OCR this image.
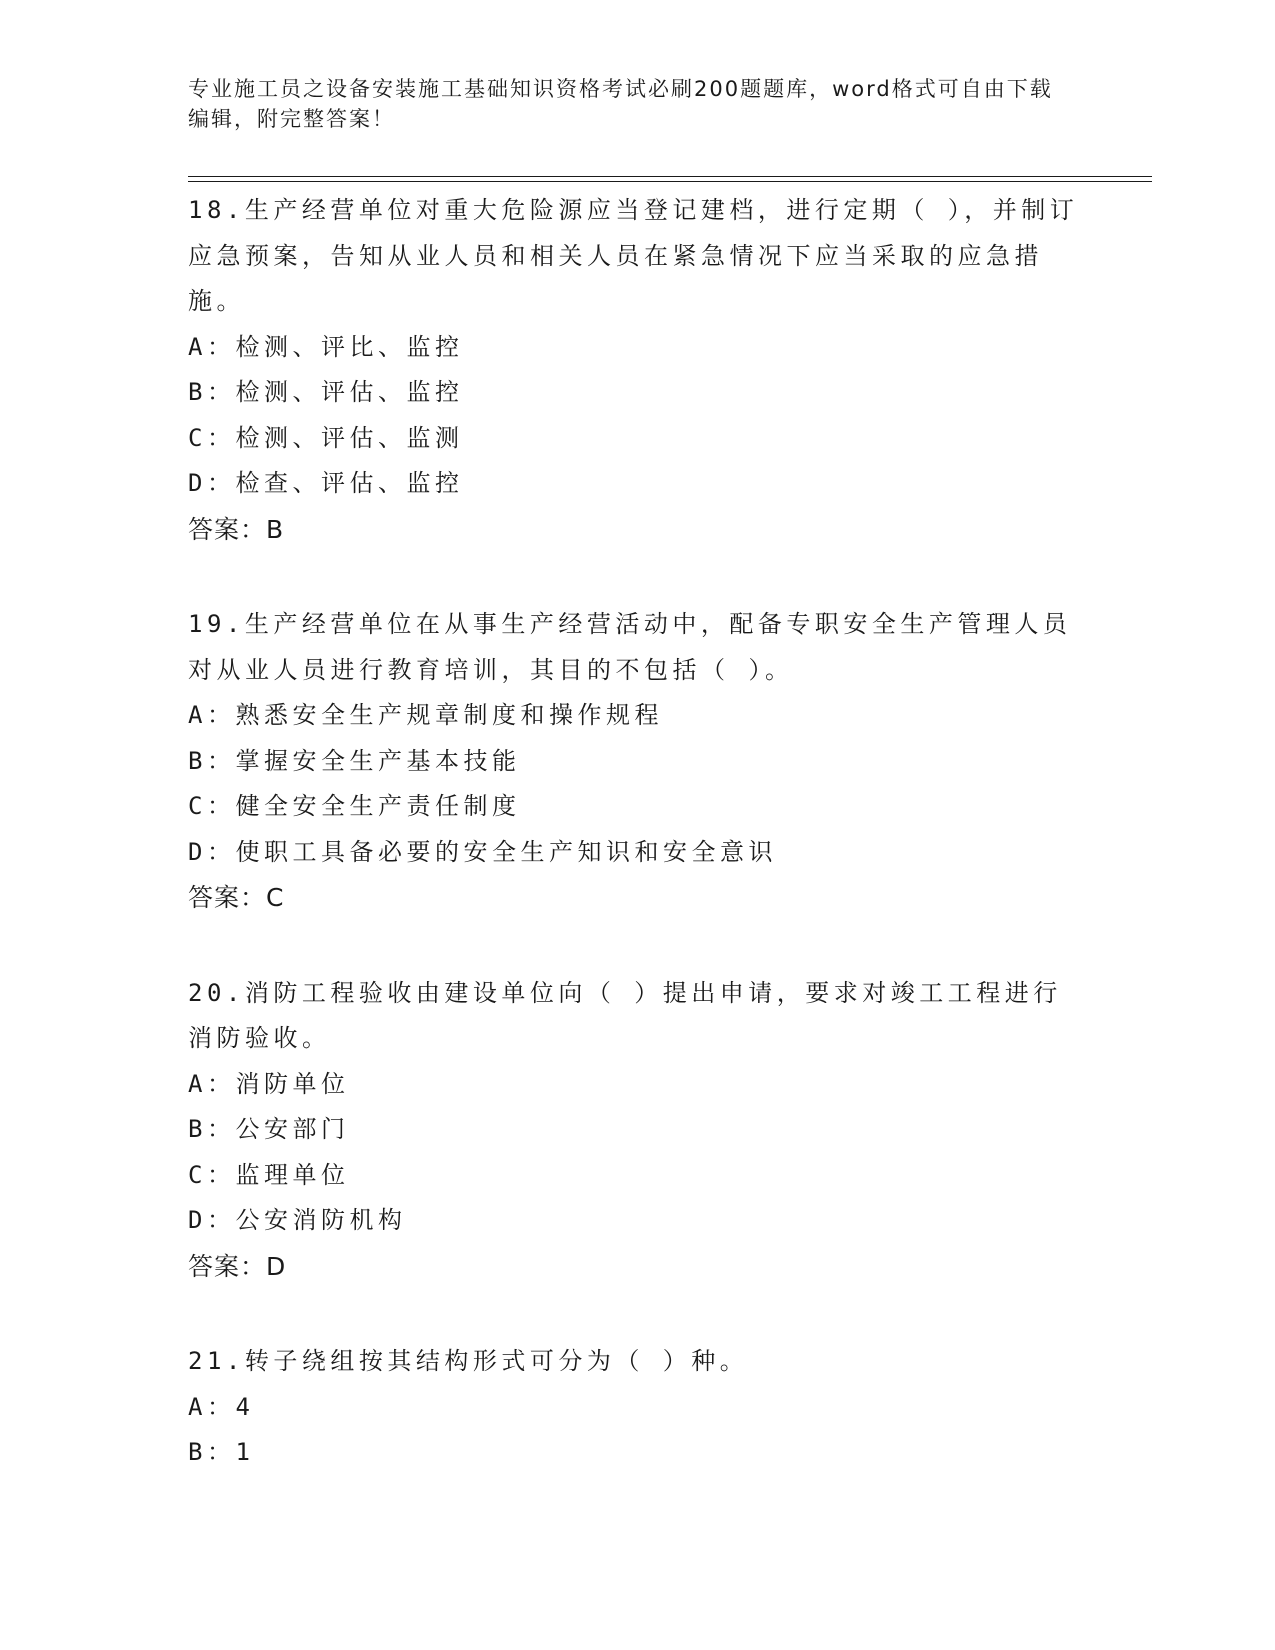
专业施工员之设备安装施工基础知识资格考试必刷200题题库，word格式可自由下载编辑，附完整答案！

18.生产经营单位对重大危险源应当登记建档，进行定期（ ），并制订应急预案，告知从业人员和相关人员在紧急情况下应当采取的应急措施。

A：检测、评比、监控

B：检测、评估、监控

C：检测、评估、监测

D：检查、评估、监控

答案：B

19.生产经营单位在从事生产经营活动中，配备专职安全生产管理人员对从业人员进行教育培训，其目的不包括（ ）。

A：熟悉安全生产规章制度和操作规程

B：掌握安全生产基本技能

C：健全安全生产责任制度

D：使职工具备必要的安全生产知识和安全意识

答案：C

20.消防工程验收由建设单位向（ ）提出申请，要求对竣工工程进行消防验收。

A：消防单位

B：公安部门

C：监理单位

D：公安消防机构

答案：D

21.转子绕组按其结构形式可分为（ ）种。

A：4

B：1
